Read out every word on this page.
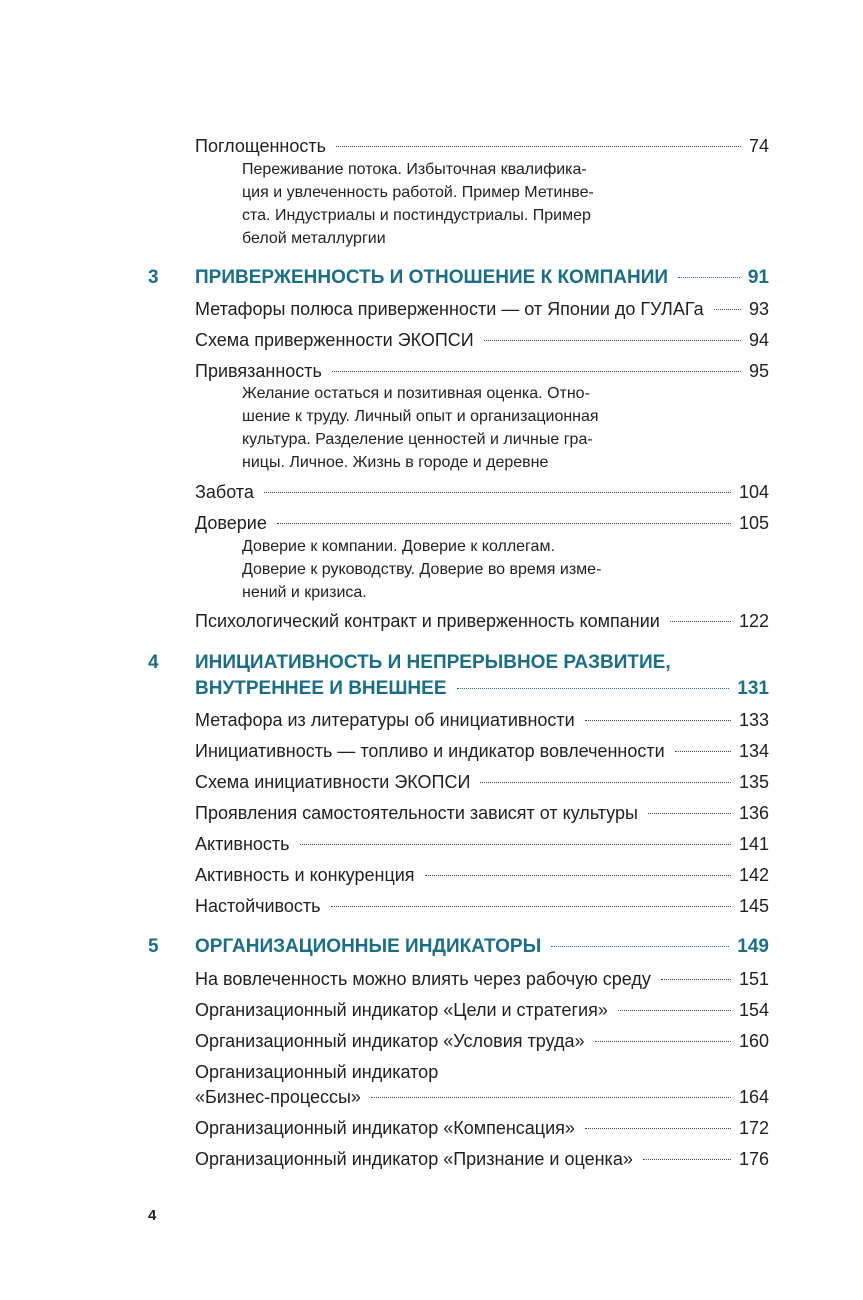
Поглощенность	74
Переживание потока. Избыточная квалифика-
ция и увлеченность работой. Пример Метинве-
ста. Индустриалы и постиндустриалы. Пример
белой металлургии
3 ПРИВЕРЖЕННОСТЬ И ОТНОШЕНИЕ К КОМПАНИИ	91
Метафоры полюса приверженности — от Японии до ГУЛАГа	93
Схема приверженности ЭКОПСИ	94
Привязанность	95
Желание остаться и позитивная оценка. Отно-
шение к труду. Личный опыт и организационная
культура. Разделение ценностей и личные гра-
ницы. Личное. Жизнь в городе и деревне
Забота	104
Доверие	105
Доверие к компании. Доверие к коллегам.
Доверие к руководству. Доверие во время изме-
нений и кризиса.
Психологический контракт и приверженность компании	122
4 ИНИЦИАТИВНОСТЬ И НЕПРЕРЫВНОЕ РАЗВИТИЕ,
ВНУТРЕННЕЕ И ВНЕШНЕЕ	131
Метафора из литературы об инициативности	133
Инициативность — топливо и индикатор вовлеченности	134
Схема инициативности ЭКОПСИ	135
Проявления самостоятельности зависят от культуры	136
Активность	141
Активность и конкуренция	142
Настойчивость	145
5 ОРГАНИЗАЦИОННЫЕ ИНДИКАТОРЫ	149
На вовлеченность можно влиять через рабочую среду	151
Организационный индикатор «Цели и стратегия»	154
Организационный индикатор «Условия труда»	160
Организационный индикатор
«Бизнес-процессы»	164
Организационный индикатор «Компенсация»	172
Организационный индикатор «Признание и оценка»	176
4
